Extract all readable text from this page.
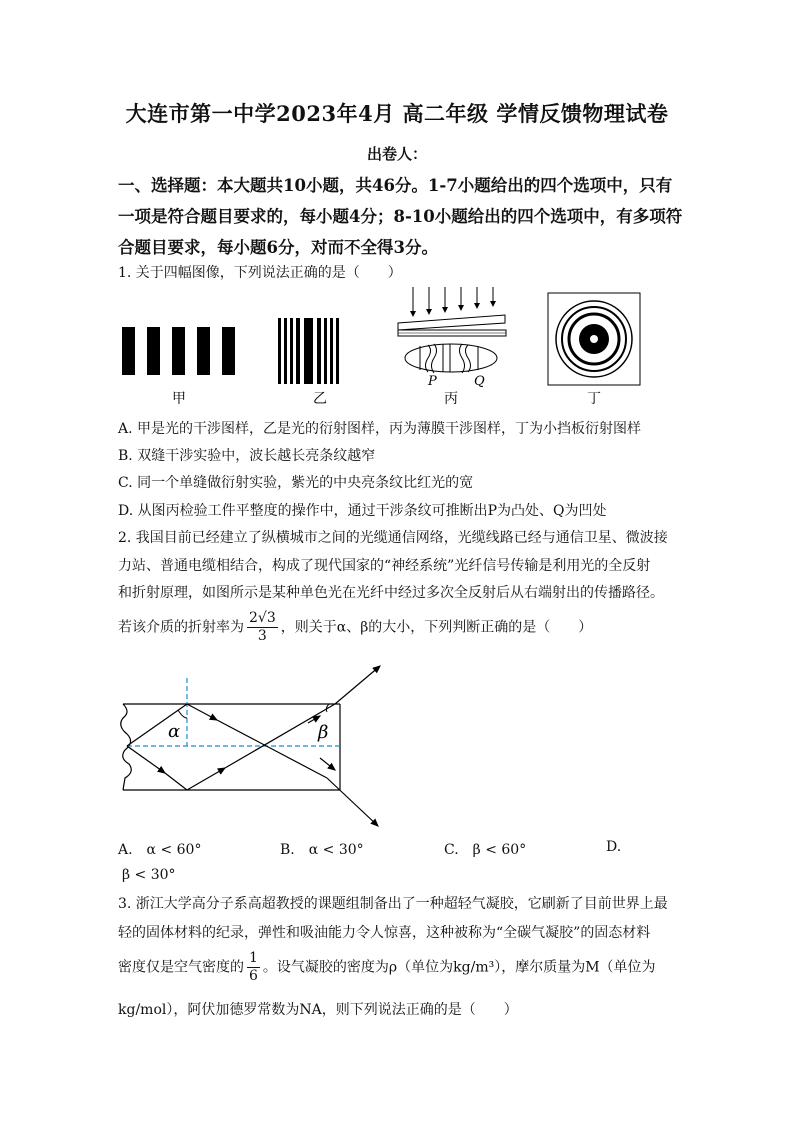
大连市第一中学2023年4月 高二年级 学情反馈物理试卷
出卷人：
一、选择题：本大题共10小题，共46分。1-7小题给出的四个选项中，只有
一项是符合题目要求的，每小题4分；8-10小题给出的四个选项中，有多项符
合题目要求，每小题6分，对而不全得3分。
1. 关于四幅图像，下列说法正确的是（　　）
甲	乙
P	Q
丙	丁
A. 甲是光的干涉图样，乙是光的衍射图样，丙为薄膜干涉图样，丁为小挡板衍射图样
B. 双缝干涉实验中，波长越长亮条纹越窄
C. 同一个单缝做衍射实验，紫光的中央亮条纹比红光的宽
D. 从图丙检验工件平整度的操作中，通过干涉条纹可推断出P为凸处、Q为凹处
2. 我国目前已经建立了纵横城市之间的光缆通信网络，光缆线路已经与通信卫星、微波接
力站、普通电缆相结合，构成了现代国家的“神经系统”光纤信号传输是利用光的全反射
和折射原理，如图所示是某种单色光在光纤中经过多次全反射后从右端射出的传播路径。
若该介质的折射率为 $\frac{2√3}{3}$ ，则关于α、β的大小，下列判断正确的是（　　）
α	β
A.　α < 60°	B.　α < 30°	C.　β < 60°	D.
β < 30°
3. 浙江大学高分子系高超教授的课题组制备出了一种超轻气凝胶，它刷新了目前世界上最
轻的固体材料的纪录，弹性和吸油能力令人惊喜，这种被称为“全碳气凝胶”的固态材料
密度仅是空气密度的 $\frac{1}{6}$ 。设气凝胶的密度为ρ（单位为kg/m³），摩尔质量为M（单位为
kg/mol），阿伏加德罗常数为NA，则下列说法正确的是（　　）
